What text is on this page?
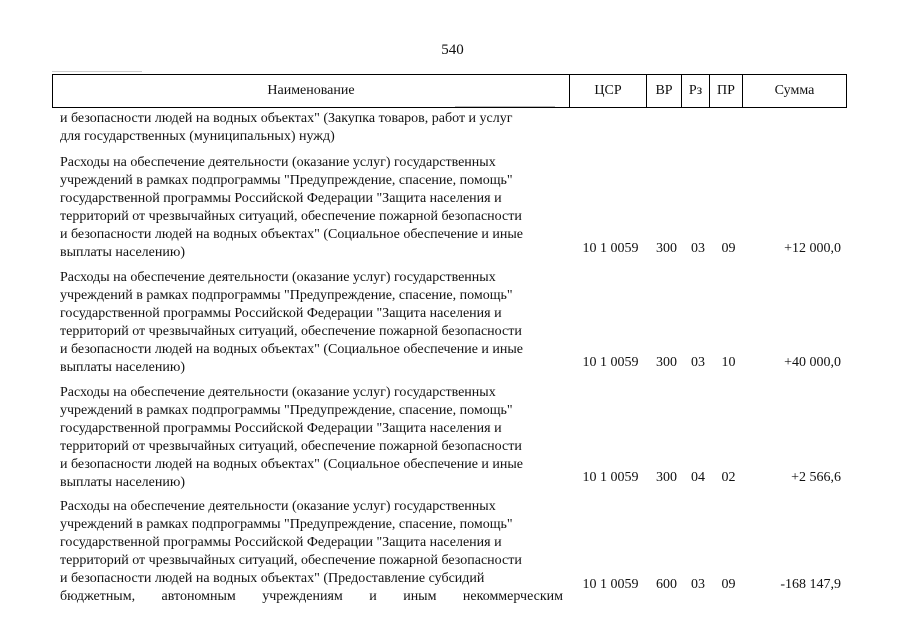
540
Наименование	ЦСР	ВР	Рз	ПР	Сумма
и безопасности людей на водных объектах" (Закупка товаров, работ и услуг
для государственных (муниципальных) нужд)
Расходы на обеспечение деятельности (оказание услуг) государственных
учреждений в рамках подпрограммы "Предупреждение, спасение, помощь"
государственной программы Российской Федерации "Защита населения и
территорий от чрезвычайных ситуаций, обеспечение пожарной безопасности
и безопасности людей на водных объектах" (Социальное обеспечение и иные
выплаты населению)	10 1 0059	300	03	09	+12 000,0
Расходы на обеспечение деятельности (оказание услуг) государственных
учреждений в рамках подпрограммы "Предупреждение, спасение, помощь"
государственной программы Российской Федерации "Защита населения и
территорий от чрезвычайных ситуаций, обеспечение пожарной безопасности
и безопасности людей на водных объектах" (Социальное обеспечение и иные
выплаты населению)	10 1 0059	300	03	10	+40 000,0
Расходы на обеспечение деятельности (оказание услуг) государственных
учреждений в рамках подпрограммы "Предупреждение, спасение, помощь"
государственной программы Российской Федерации "Защита населения и
территорий от чрезвычайных ситуаций, обеспечение пожарной безопасности
и безопасности людей на водных объектах" (Социальное обеспечение и иные
выплаты населению)	10 1 0059	300	04	02	+2 566,6
Расходы на обеспечение деятельности (оказание услуг) государственных
учреждений в рамках подпрограммы "Предупреждение, спасение, помощь"
государственной программы Российской Федерации "Защита населения и
территорий от чрезвычайных ситуаций, обеспечение пожарной безопасности
и безопасности людей на водных объектах" (Предоставление субсидий
бюджетным, автономным учреждениям и иным некоммерческим
10 1 0059	600	03	09	-168 147,9
